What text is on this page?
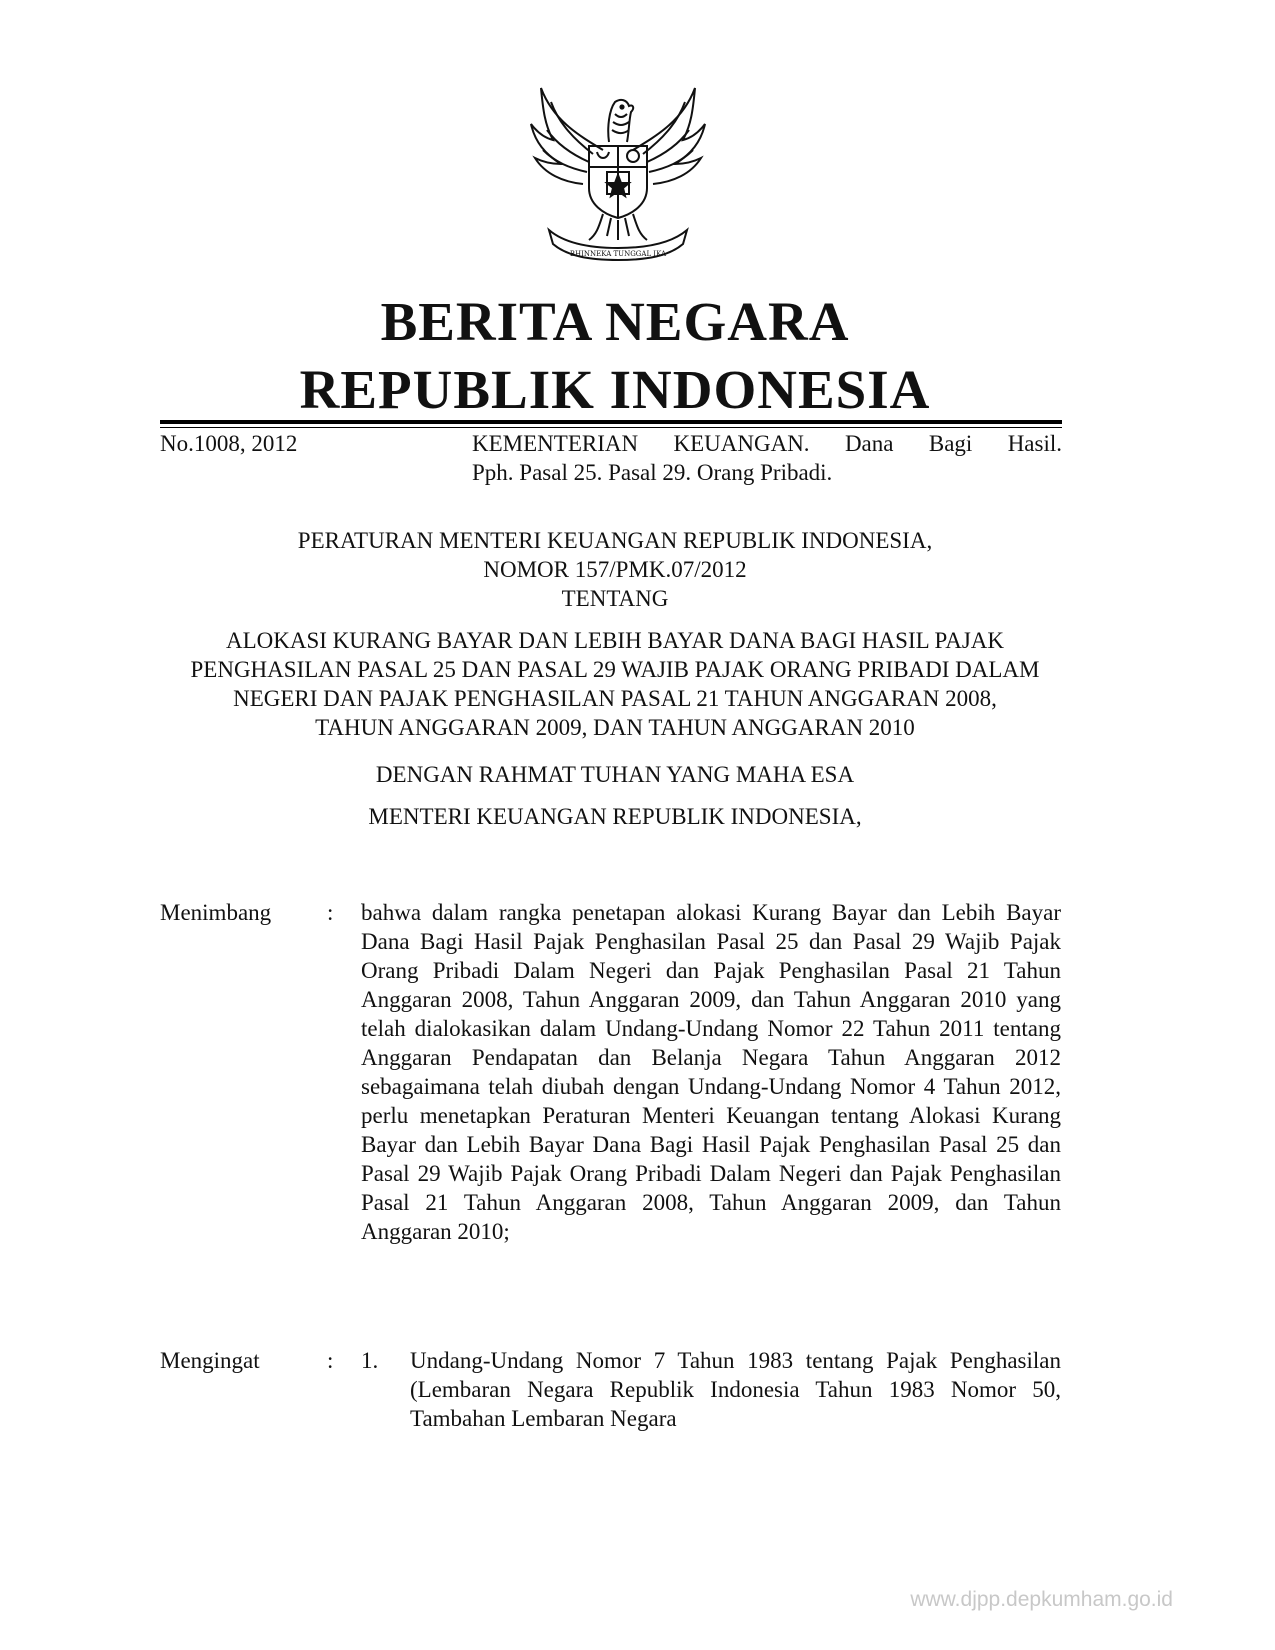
BHINNEKA TUNGGAL IKA
BERITA NEGARA
REPUBLIK INDONESIA
No.1008, 2012	KEMENTERIAN KEUANGAN. Dana Bagi Hasil.
Pph. Pasal 25. Pasal 29. Orang Pribadi.
PERATURAN MENTERI KEUANGAN REPUBLIK INDONESIA,
NOMOR 157/PMK.07/2012
TENTANG
ALOKASI KURANG BAYAR DAN LEBIH BAYAR DANA BAGI HASIL PAJAK
PENGHASILAN PASAL 25 DAN PASAL 29 WAJIB PAJAK ORANG PRIBADI DALAM
NEGERI DAN PAJAK PENGHASILAN PASAL 21 TAHUN ANGGARAN 2008,
TAHUN ANGGARAN 2009, DAN TAHUN ANGGARAN 2010
DENGAN RAHMAT TUHAN YANG MAHA ESA
MENTERI KEUANGAN REPUBLIK INDONESIA,
Menimbang : bahwa dalam rangka penetapan alokasi Kurang Bayar dan Lebih Bayar Dana Bagi Hasil Pajak Penghasilan Pasal 25 dan Pasal 29 Wajib Pajak Orang Pribadi Dalam Negeri dan Pajak Penghasilan Pasal 21 Tahun Anggaran 2008, Tahun Anggaran 2009, dan Tahun Anggaran 2010 yang telah dialokasikan dalam Undang-Undang Nomor 22 Tahun 2011 tentang Anggaran Pendapatan dan Belanja Negara Tahun Anggaran 2012 sebagaimana telah diubah dengan Undang-Undang Nomor 4 Tahun 2012, perlu menetapkan Peraturan Menteri Keuangan tentang Alokasi Kurang Bayar dan Lebih Bayar Dana Bagi Hasil Pajak Penghasilan Pasal 25 dan Pasal 29 Wajib Pajak Orang Pribadi Dalam Negeri dan Pajak Penghasilan Pasal 21 Tahun Anggaran 2008, Tahun Anggaran 2009, dan Tahun Anggaran 2010;
Mengingat	: 1. Undang-Undang Nomor 7 Tahun 1983 tentang Pajak Penghasilan (Lembaran Negara Republik Indonesia Tahun 1983 Nomor 50, Tambahan Lembaran Negara
www.djpp.depkumham.go.id
